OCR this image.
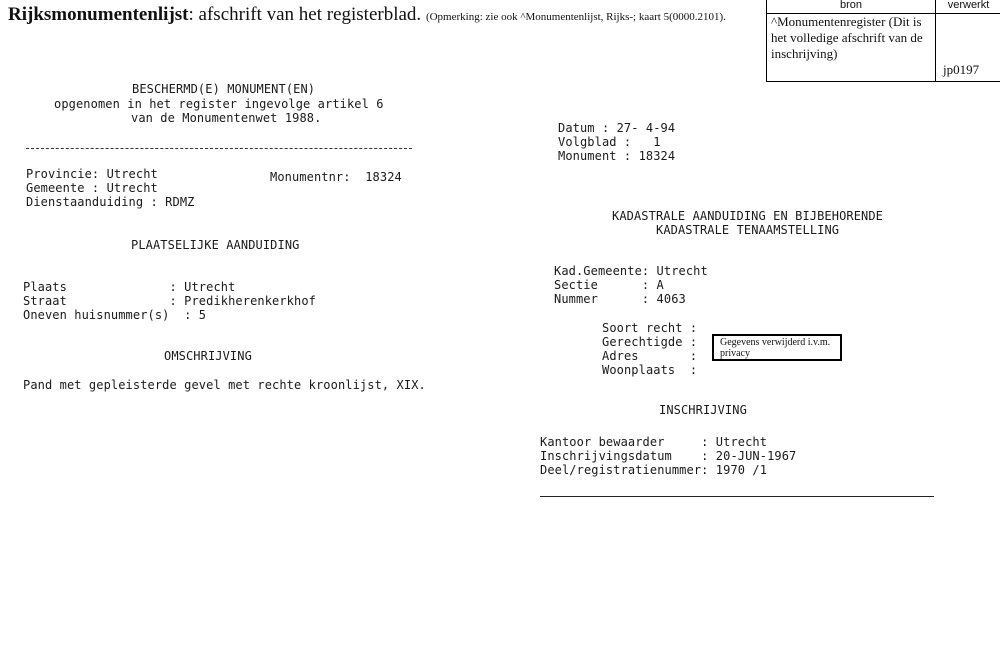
Rijksmonumentenlijst: afschrift van het registerblad. (Opmerking: zie ook ^Monumentenlijst, Rijks-; kaart 5(0000.2101).
bron	verwerkt
^Monumentenregister (Dit is het volledige afschrift van de inschrijving)
jp0197
BESCHERMD(E) MONUMENT(EN)
opgenomen in het register ingevolge artikel 6
van de Monumentenwet 1988.
Provincie: Utrecht	Monumentnr:  18324
Gemeente : Utrecht
Dienstaanduiding : RDMZ
PLAATSELIJKE AANDUIDING
Plaats              : Utrecht
Straat              : Predikherenkerkhof
Oneven huisnummer(s)  : 5
OMSCHRIJVING
Pand met gepleisterde gevel met rechte kroonlijst, XIX.
Datum : 27- 4-94
Volgblad :   1
Monument : 18324
KADASTRALE AANDUIDING EN BIJBEHORENDE
KADASTRALE TENAAMSTELLING
Kad.Gemeente: Utrecht
Sectie      : A
Nummer      : 4063
Soort recht :
Gerechtigde :
Adres       :
Woonplaats  :
Gegevens verwijderd i.v.m. privacy
INSCHRIJVING
Kantoor bewaarder     : Utrecht
Inschrijvingsdatum    : 20-JUN-1967
Deel/registratienummer: 1970 /1
